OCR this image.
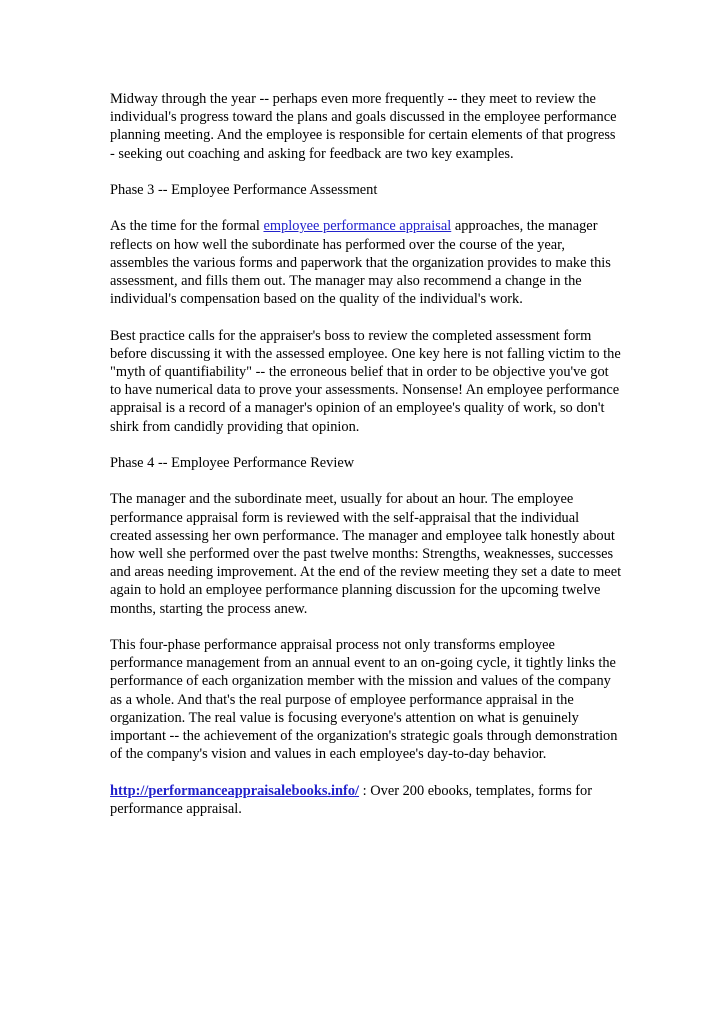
Midway through the year -- perhaps even more frequently -- they meet to review the individual's progress toward the plans and goals discussed in the employee performance planning meeting. And the employee is responsible for certain elements of that progress - seeking out coaching and asking for feedback are two key examples.

Phase 3 -- Employee Performance Assessment

As the time for the formal employee performance appraisal approaches, the manager reflects on how well the subordinate has performed over the course of the year, assembles the various forms and paperwork that the organization provides to make this assessment, and fills them out. The manager may also recommend a change in the individual's compensation based on the quality of the individual's work.

Best practice calls for the appraiser's boss to review the completed assessment form before discussing it with the assessed employee. One key here is not falling victim to the "myth of quantifiability" -- the erroneous belief that in order to be objective you've got to have numerical data to prove your assessments. Nonsense! An employee performance appraisal is a record of a manager's opinion of an employee's quality of work, so don't shirk from candidly providing that opinion.

Phase 4 -- Employee Performance Review

The manager and the subordinate meet, usually for about an hour. The employee performance appraisal form is reviewed with the self-appraisal that the individual created assessing her own performance. The manager and employee talk honestly about how well she performed over the past twelve months: Strengths, weaknesses, successes and areas needing improvement. At the end of the review meeting they set a date to meet again to hold an employee performance planning discussion for the upcoming twelve months, starting the process anew.

This four-phase performance appraisal process not only transforms employee performance management from an annual event to an on-going cycle, it tightly links the performance of each organization member with the mission and values of the company as a whole. And that's the real purpose of employee performance appraisal in the organization. The real value is focusing everyone's attention on what is genuinely important -- the achievement of the organization's strategic goals through demonstration of the company's vision and values in each employee's day-to-day behavior.

http://performanceappraisalebooks.info/ : Over 200 ebooks, templates, forms for performance appraisal.
